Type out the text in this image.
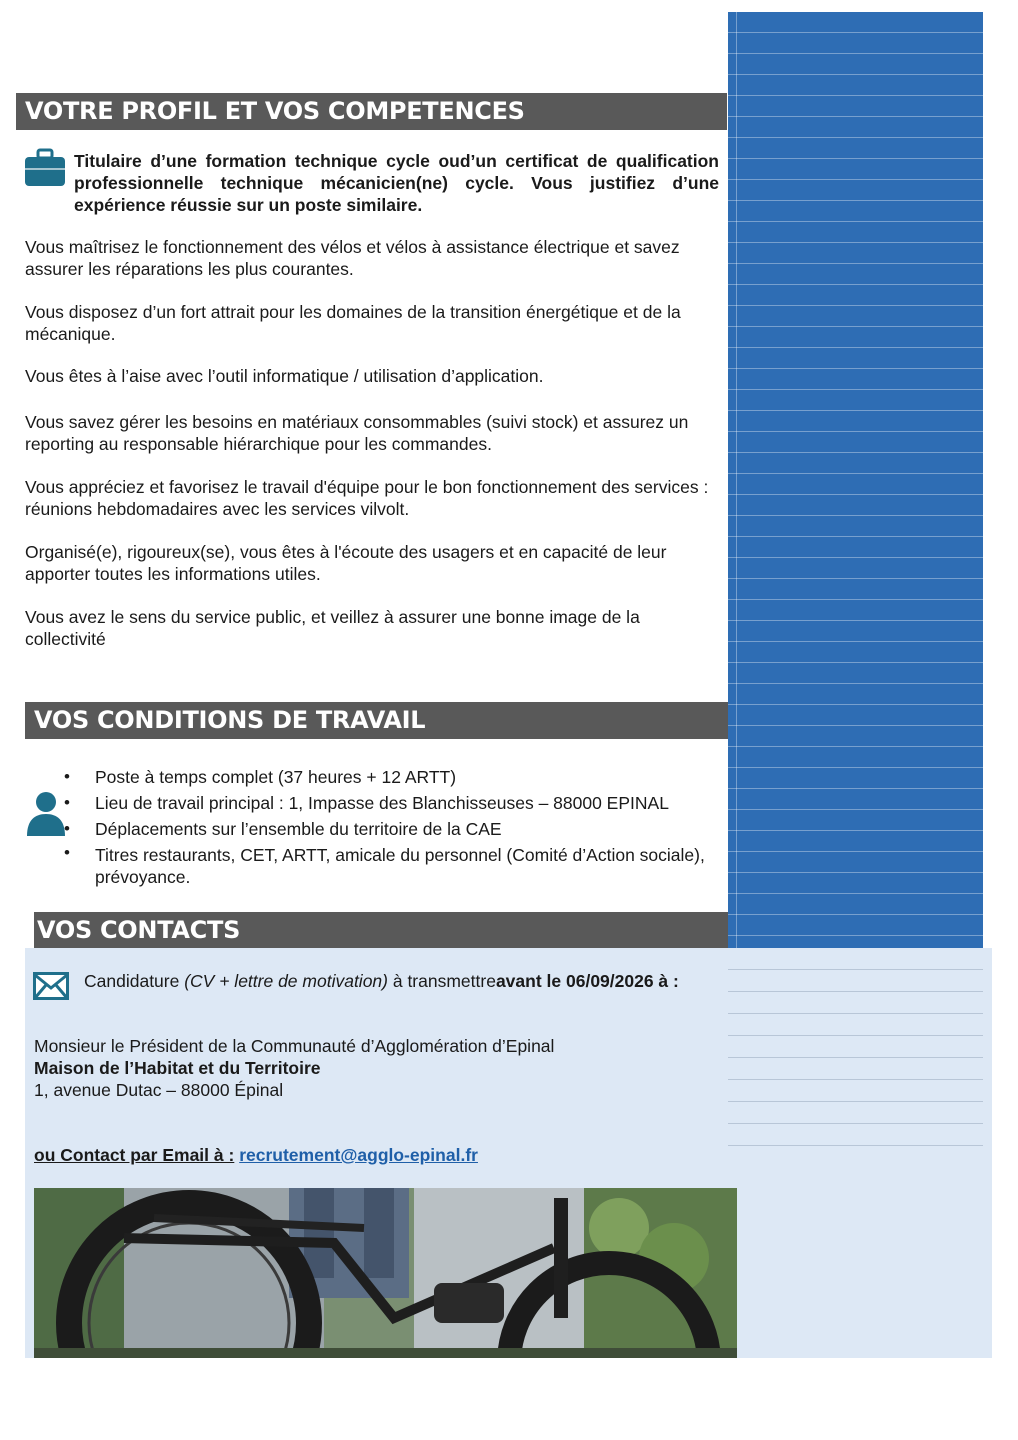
VOTRE PROFIL ET VOS COMPETENCES
Titulaire d’une formation technique cycle oud’un certificat de qualification professionnelle technique mécanicien(ne) cycle. Vous justifiez d’une expérience réussie sur un poste similaire.
Vous maîtrisez le fonctionnement des vélos et vélos à assistance électrique et savez assurer les réparations les plus courantes.
Vous disposez d’un fort attrait pour les domaines de la transition énergétique et de la mécanique.
Vous êtes à l’aise avec l’outil informatique / utilisation d’application.
Vous savez gérer les besoins en matériaux consommables (suivi stock) et assurez un reporting au responsable hiérarchique pour les commandes.
Vous appréciez et favorisez le travail d'équipe pour le bon fonctionnement des services : réunions hebdomadaires avec les services vilvolt.
Organisé(e), rigoureux(se), vous êtes à l'écoute des usagers et en capacité de leur apporter toutes les informations utiles.
Vous avez le sens du service public, et veillez à assurer une bonne image de la collectivité
VOS CONDITIONS DE TRAVAIL
• Poste à temps complet (37 heures + 12 ARTT)
• Lieu de travail principal : 1, Impasse des Blanchisseuses – 88000 EPINAL
• Déplacements sur l’ensemble du territoire de la CAE
• Titres restaurants, CET, ARTT, amicale du personnel (Comité d’Action sociale), prévoyance.
VOS CONTACTS
Candidature (CV + lettre de motivation) à transmettreavant le 06/09/2026 à :
Monsieur le Président de la Communauté d’Agglomération d’Epinal
Maison de l’Habitat et du Territoire
1, avenue Dutac – 88000 Épinal
ou Contact par Email à : recrutement@agglo-epinal.fr
